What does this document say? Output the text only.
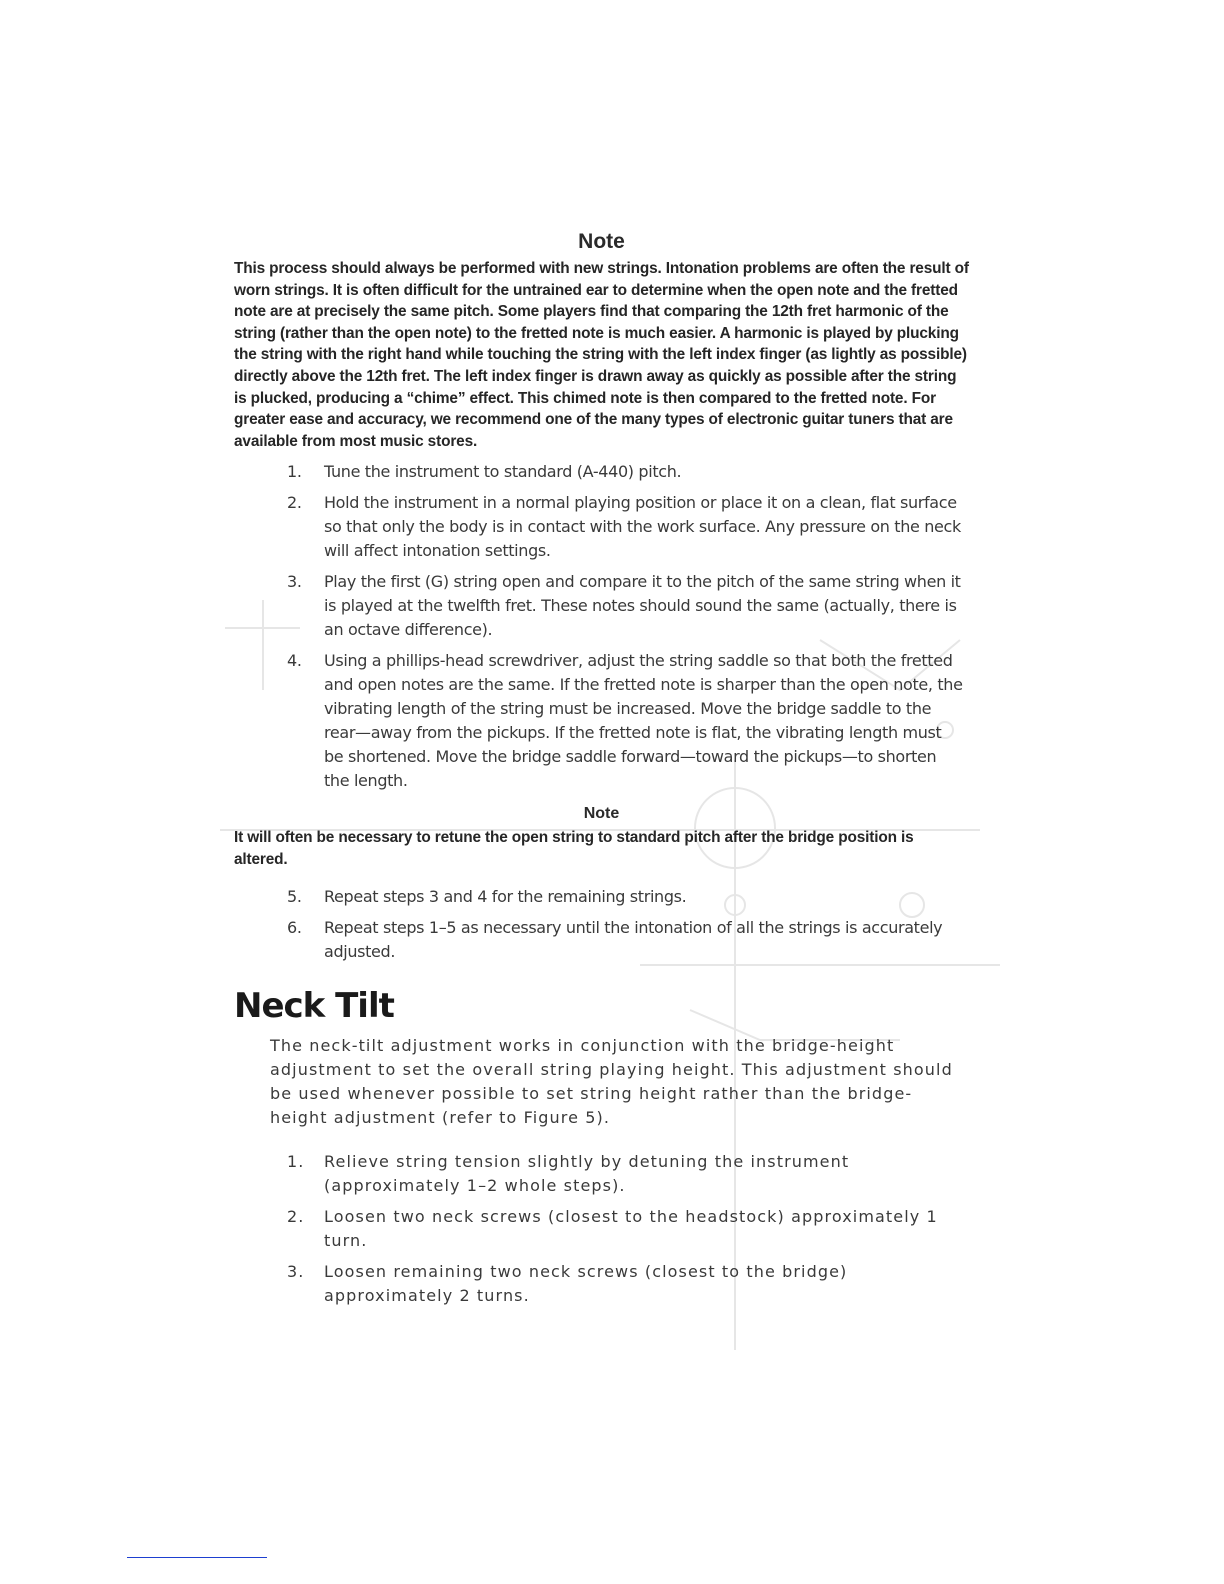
Note

This process should always be performed with new strings. Intonation problems are often the result of worn strings. It is often difficult for the untrained ear to determine when the open note and the fretted note are at precisely the same pitch. Some players find that comparing the 12th fret harmonic of the string (rather than the open note) to the fretted note is much easier. A harmonic is played by plucking the string with the right hand while touching the string with the left index finger (as lightly as possible) directly above the 12th fret. The left index finger is drawn away as quickly as possible after the string is plucked, producing a “chime” effect. This chimed note is then compared to the fretted note. For greater ease and accuracy, we recommend one of the many types of electronic guitar tuners that are available from most music stores.

1.	Tune the instrument to standard (A-440) pitch.
2.	Hold the instrument in a normal playing position or place it on a clean, flat surface so that only the body is in contact with the work surface. Any pressure on the neck will affect intonation settings.
3.	Play the first (G) string open and compare it to the pitch of the same string when it is played at the twelfth fret. These notes should sound the same (actually, there is an octave difference).
4.	Using a phillips-head screwdriver, adjust the string saddle so that both the fretted and open notes are the same. If the fretted note is sharper than the open note, the vibrating length of the string must be increased. Move the bridge saddle to the rear—away from the pickups. If the fretted note is flat, the vibrating length must be shortened. Move the bridge saddle forward—toward the pickups—to shorten the length.
Note

It will often be necessary to retune the open string to standard pitch after the bridge position is altered.

5.	Repeat steps 3 and 4 for the remaining strings.
6.	Repeat steps 1–5 as necessary until the intonation of all the strings is accurately adjusted.
Neck Tilt

The neck-tilt adjustment works in conjunction with the bridge-height adjustment to set the overall string playing height. This adjustment should be used whenever possible to set string height rather than the bridge-height adjustment (refer to Figure 5).

1.	Relieve string tension slightly by detuning the instrument (approximately 1–2 whole steps).
2.	Loosen two neck screws (closest to the headstock) approximately 1 turn.
3.	Loosen remaining two neck screws (closest to the bridge) approximately 2 turns.
